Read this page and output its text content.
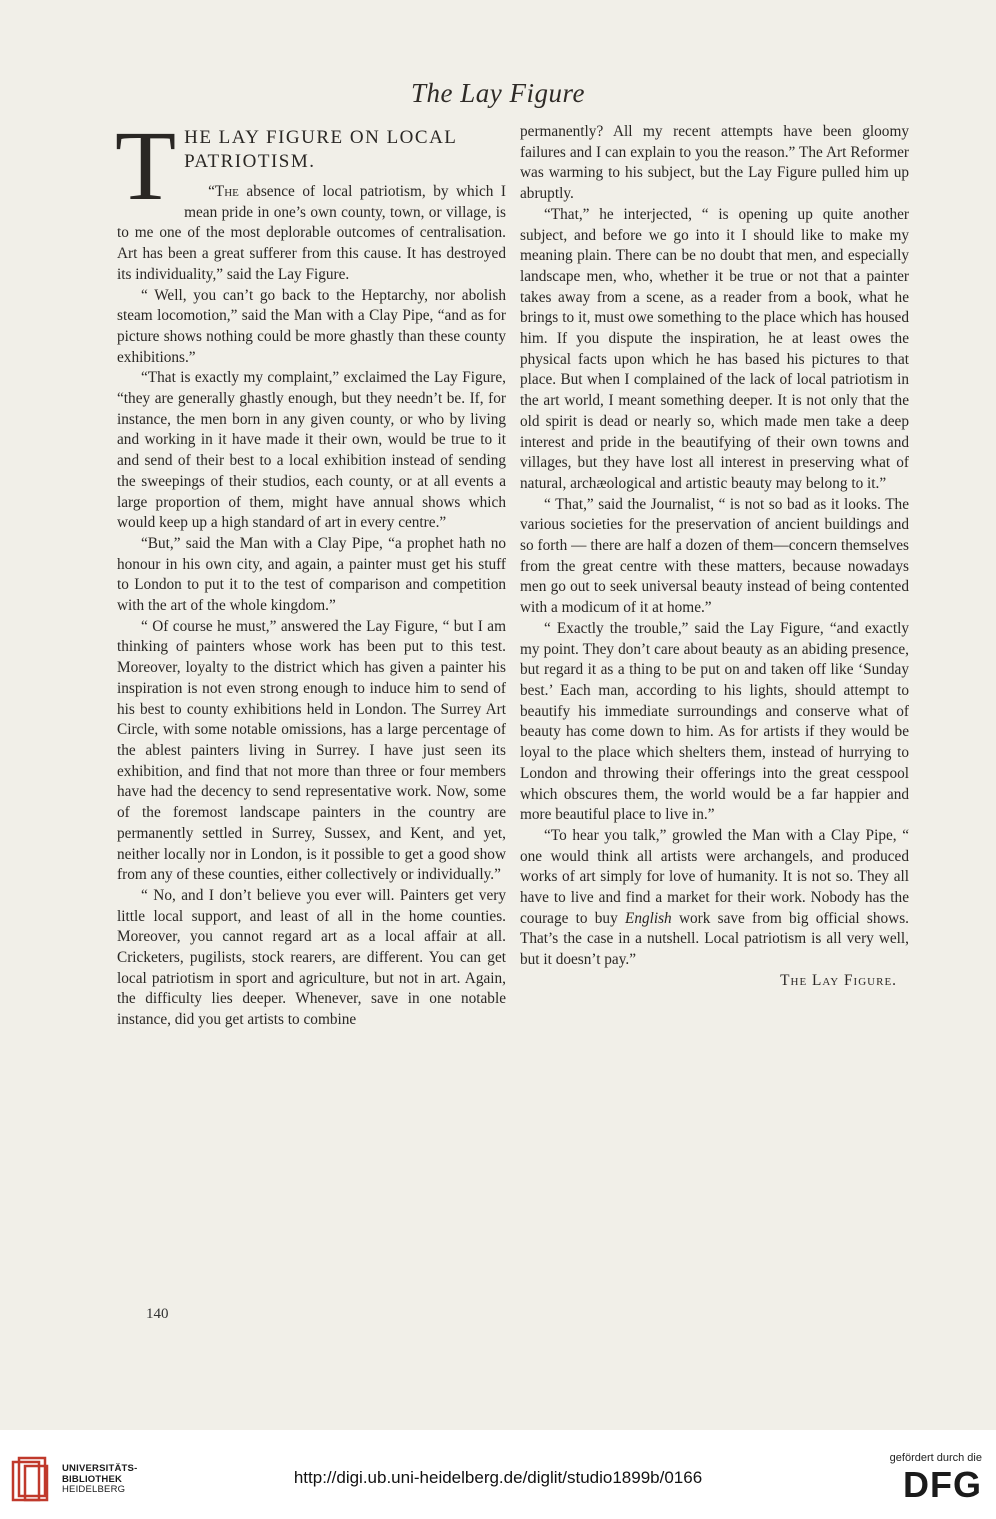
The Lay Figure
T HE LAY FIGURE ON LOCAL PATRIOTISM.

“The absence of local patriotism, by which I mean pride in one’s own county, town, or village, is to me one of the most deplorable outcomes of centralisation. Art has been a great sufferer from this cause. It has destroyed its individuality,” said the Lay Figure.

“ Well, you can’t go back to the Heptarchy, nor abolish steam locomotion,” said the Man with a Clay Pipe, “and as for picture shows nothing could be more ghastly than these county exhibitions.”

“That is exactly my complaint,” exclaimed the Lay Figure, “they are generally ghastly enough, but they needn’t be. If, for instance, the men born in any given county, or who by living and working in it have made it their own, would be true to it and send of their best to a local exhibition instead of sending the sweepings of their studios, each county, or at all events a large proportion of them, might have annual shows which would keep up a high standard of art in every centre.”

“But,” said the Man with a Clay Pipe, “a prophet hath no honour in his own city, and again, a painter must get his stuff to London to put it to the test of comparison and competition with the art of the whole kingdom.”

“ Of course he must,” answered the Lay Figure, “ but I am thinking of painters whose work has been put to this test. Moreover, loyalty to the district which has given a painter his inspiration is not even strong enough to induce him to send of his best to county exhibitions held in London. The Surrey Art Circle, with some notable omissions, has a large percentage of the ablest painters living in Surrey. I have just seen its exhibition, and find that not more than three or four members have had the decency to send representative work. Now, some of the foremost landscape painters in the country are permanently settled in Surrey, Sussex, and Kent, and yet, neither locally nor in London, is it possible to get a good show from any of these counties, either collectively or individually.”

“ No, and I don’t believe you ever will. Painters get very little local support, and least of all in the home counties. Moreover, you cannot regard art as a local affair at all. Cricketers, pugilists, stock rearers, are different. You can get local patriotism in sport and agriculture, but not in art. Again, the difficulty lies deeper. Whenever, save in one notable instance, did you get artists to combine

permanently? All my recent attempts have been gloomy failures and I can explain to you the reason.” The Art Reformer was warming to his subject, but the Lay Figure pulled him up abruptly.

“That,” he interjected, “ is opening up quite another subject, and before we go into it I should like to make my meaning plain. There can be no doubt that men, and especially landscape men, who, whether it be true or not that a painter takes away from a scene, as a reader from a book, what he brings to it, must owe something to the place which has housed him. If you dispute the inspiration, he at least owes the physical facts upon which he has based his pictures to that place. But when I complained of the lack of local patriotism in the art world, I meant something deeper. It is not only that the old spirit is dead or nearly so, which made men take a deep interest and pride in the beautifying of their own towns and villages, but they have lost all interest in preserving what of natural, archæological and artistic beauty may belong to it.”

“ That,” said the Journalist, “ is not so bad as it looks. The various societies for the preservation of ancient buildings and so forth — there are half a dozen of them—concern themselves from the great centre with these matters, because nowadays men go out to seek universal beauty instead of being contented with a modicum of it at home.”

“ Exactly the trouble,” said the Lay Figure, “and exactly my point. They don’t care about beauty as an abiding presence, but regard it as a thing to be put on and taken off like ‘Sunday best.’ Each man, according to his lights, should attempt to beautify his immediate surroundings and conserve what of beauty has come down to him. As for artists if they would be loyal to the place which shelters them, instead of hurrying to London and throwing their offerings into the great cesspool which obscures them, the world would be a far happier and more beautiful place to live in.”

“To hear you talk,” growled the Man with a Clay Pipe, “ one would think all artists were archangels, and produced works of art simply for love of humanity. It is not so. They all have to live and find a market for their work. Nobody has the courage to buy English work save from big official shows. That’s the case in a nutshell. Local patriotism is all very well, but it doesn’t pay.”

The Lay Figure.

140
UNIVERSITÄTS-
BIBLIOTHEK
HEIDELBERG
http://digi.ub.uni-heidelberg.de/diglit/studio1899b/0166
gefördert durch die
DFG
